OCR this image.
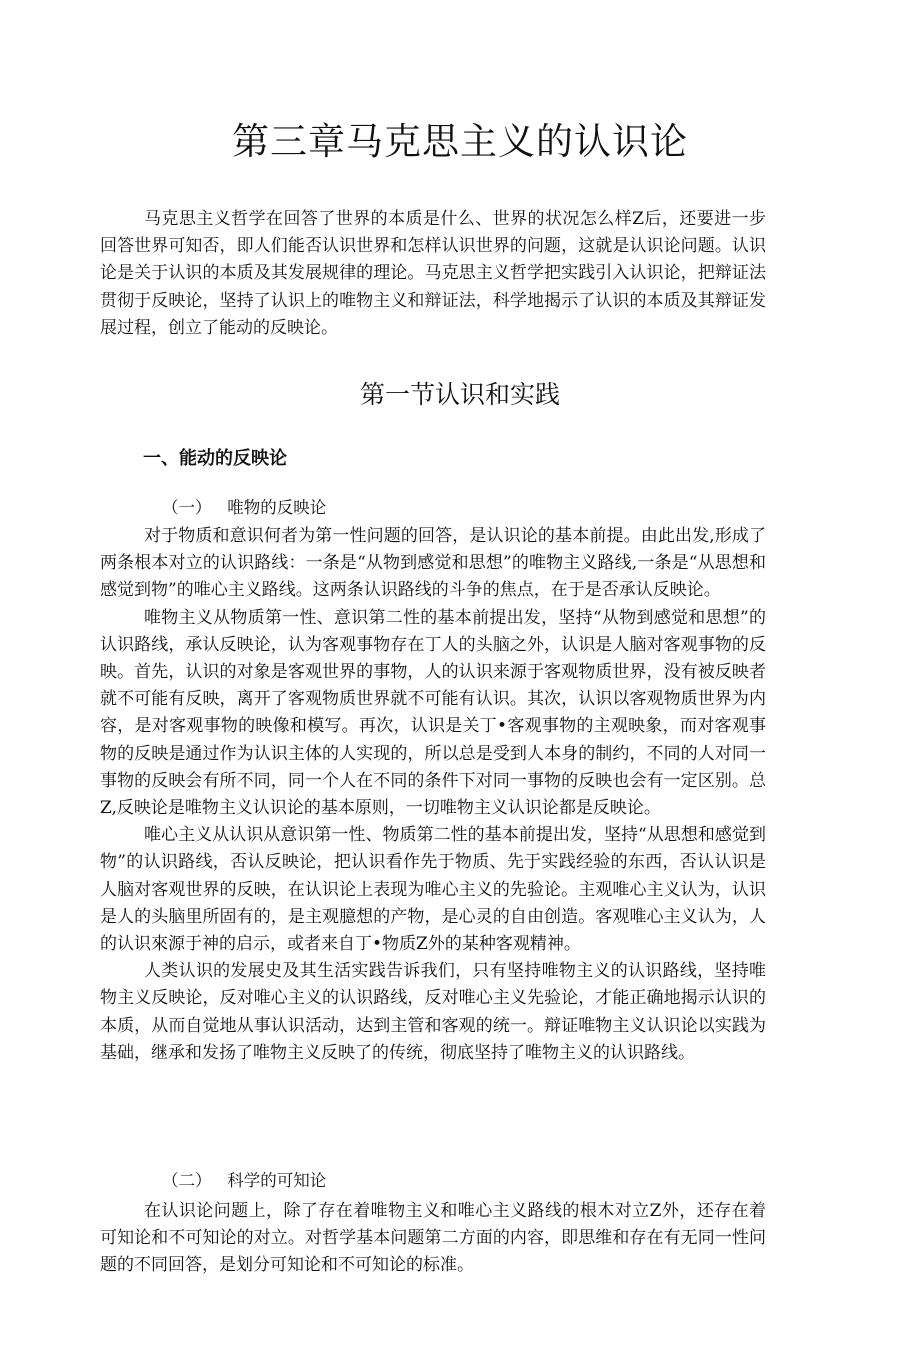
第三章马克思主义的认识论

马克思主义哲学在回答了世界的本质是什么、世界的状况怎么样Z后，还要进一步回答世界可知否，即人们能否认识世界和怎样认识世界的问题，这就是认识论问题。认识论是关于认识的本质及其发展规律的理论。马克思主义哲学把实践引入认识论，把辩证法贯彻于反映论，坚持了认识上的唯物主义和辩证法，科学地揭示了认识的本质及其辩证发展过程，创立了能动的反映论。

第一节认识和实践
一、能动的反映论

（一）   唯物的反映论

对于物质和意识何者为第一性问题的回答，是认识论的基本前提。由此出发,形成了两条根本对立的认识路线：一条是“从物到感觉和思想”的唯物主义路线,一条是“从思想和感觉到物”的唯心主义路线。这两条认识路线的斗争的焦点，在于是否承认反映论。

唯物主义从物质第一性、意识第二性的基本前提出发，坚持“从物到感觉和思想”的认识路线，承认反映论，认为客观事物存在丁人的头脑之外，认识是人脑对客观事物的反映。首先，认识的对象是客观世界的事物，人的认识来源于客观物质世界，没有被反映者就不可能有反映，离开了客观物质世界就不可能有认识。其次，认识以客观物质世界为内容，是对客观事物的映像和模写。再次，认识是关丁•客观事物的主观映象，而对客观事物的反映是通过作为认识主体的人实现的，所以总是受到人本身的制约，不同的人对同一事物的反映会有所不同，同一个人在不同的条件下对同一事物的反映也会有一定区别。总Z,反映论是唯物主义认识论的基本原则，一切唯物主义认识论都是反映论。

唯心主义从认识从意识第一性、物质第二性的基本前提出发，坚持“从思想和感觉到物”的认识路线，否认反映论，把认识看作先于物质、先于实践经验的东西，否认认识是人脑对客观世界的反映，在认识论上表现为唯心主义的先验论。主观唯心主义认为，认识是人的头脑里所固有的，是主观臆想的产物，是心灵的自由创造。客观唯心主义认为，人的认识來源于神的启示，或者来自丁•物质Z外的某种客观精神。

人类认识的发展史及其生活实践告诉我们，只有坚持唯物主义的认识路线，坚持唯物主义反映论，反对唯心主义的认识路线，反对唯心主义先验论，才能正确地揭示认识的本质，从而自觉地从事认识活动，达到主管和客观的统一。辩证唯物主义认识论以实践为基础，继承和发扬了唯物主义反映了的传统，彻底坚持了唯物主义的认识路线。

（二）   科学的可知论

在认识论问题上，除了存在着唯物主义和唯心主义路线的根木对立Z外，还存在着可知论和不可知论的对立。对哲学基本问题第二方面的内容，即思维和存在有无同一性问题的不同回答，是划分可知论和不可知论的标准。
